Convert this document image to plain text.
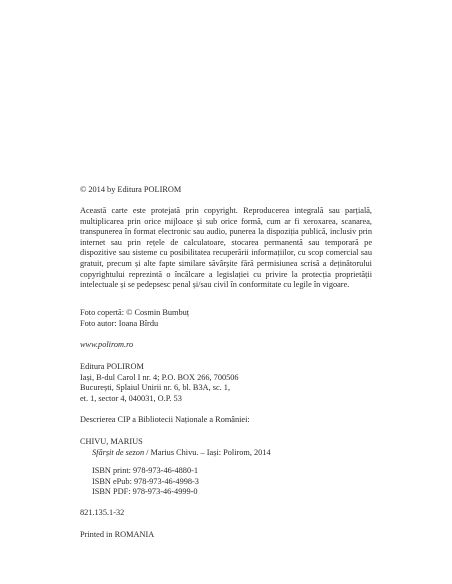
© 2014 by Editura POLIROM

Această carte este protejată prin copyright. Reproducerea integrală sau parțială, multiplicarea prin orice mijloace și sub orice formă, cum ar fi xeroxarea, scanarea, transpunerea în format electronic sau audio, punerea la dispoziția publică, inclusiv prin internet sau prin rețele de calculatoare, stocarea permanentă sau temporară pe dispozitive sau sisteme cu posibilitatea recuperării informațiilor, cu scop comercial sau gratuit, precum și alte fapte similare săvârșite fără permisiunea scrisă a deținătorului copyrightului reprezintă o încălcare a legislației cu privire la protecția proprietății intelectuale și se pedepsesc penal și/sau civil în conformitate cu legile în vigoare.

Foto copertă: © Cosmin Bumbuț
Foto autor: Ioana Bîrdu

www.polirom.ro

Editura POLIROM
Iași, B-dul Carol I nr. 4; P.O. BOX 266, 700506
București, Splaiul Unirii nr. 6, bl. B3A, sc. 1,
et. 1, sector 4, 040031, O.P. 53

Descrierea CIP a Bibliotecii Naționale a României:

CHIVU, MARIUS
Sfârșit de sezon / Marius Chivu. – Iași: Polirom, 2014
ISBN print: 978-973-46-4880-1
ISBN ePub: 978-973-46-4998-3
ISBN PDF: 978-973-46-4999-0

821.135.1-32

Printed in ROMANIA
